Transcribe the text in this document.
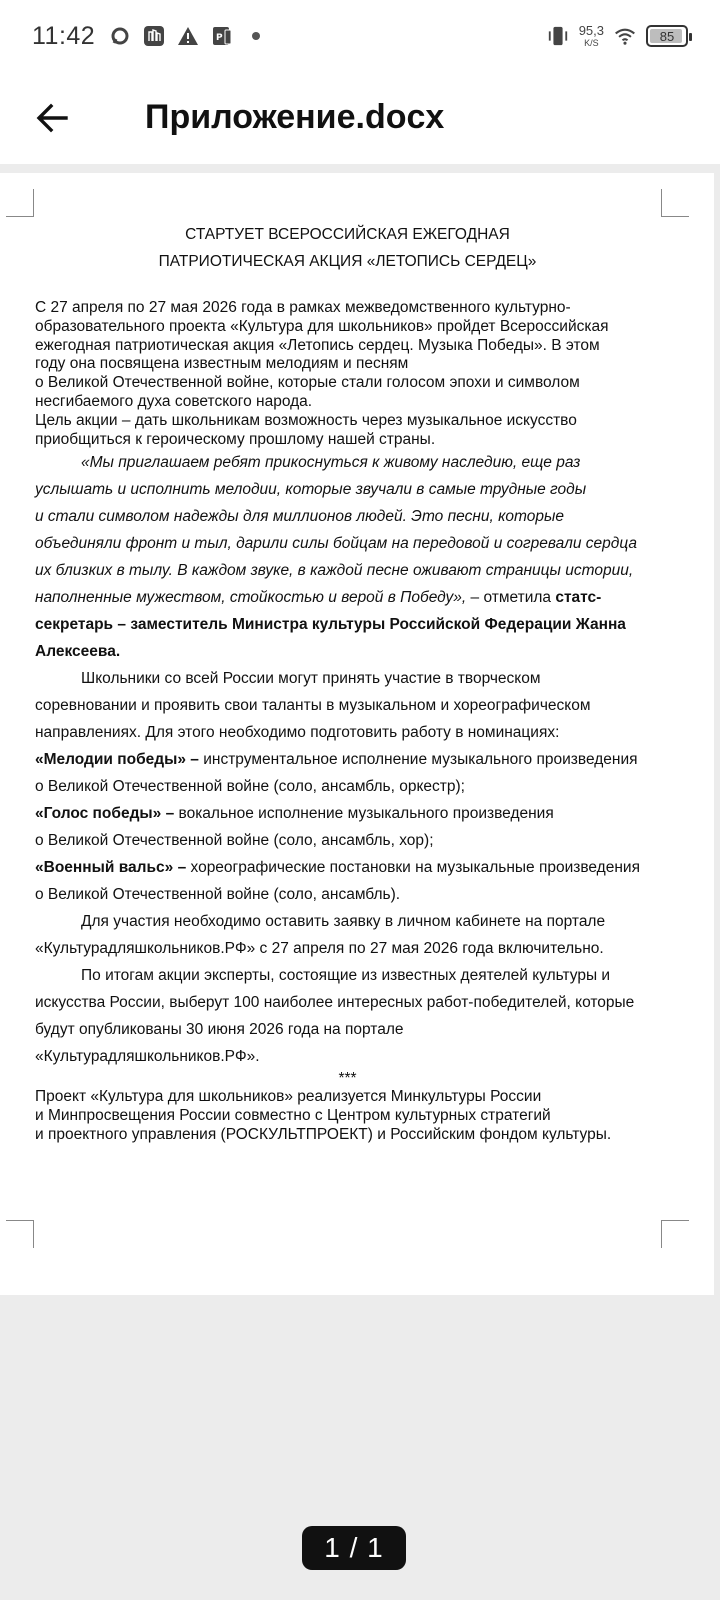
11:42	P	95,3
K/S	85
Приложение.docx
СТАРТУЕТ ВСЕРОССИЙСКАЯ ЕЖЕГОДНАЯ
ПАТРИОТИЧЕСКАЯ АКЦИЯ «ЛЕТОПИСЬ СЕРДЕЦ»
С 27 апреля по 27 мая 2026 года в рамках межведомственного культурно-
образовательного проекта «Культура для школьников» пройдет Всероссийская
ежегодная патриотическая акция «Летопись сердец. Музыка Победы». В этом
году она посвящена известным мелодиям и песням
о Великой Отечественной войне, которые стали голосом эпохи и символом
несгибаемого духа советского народа.
Цель акции – дать школьникам возможность через музыкальное искусство
приобщиться к героическому прошлому нашей страны.
«Мы приглашаем ребят прикоснуться к живому наследию, еще раз
услышать и исполнить мелодии, которые звучали в самые трудные годы
и стали символом надежды для миллионов людей. Это песни, которые
объединяли фронт и тыл, дарили силы бойцам на передовой и согревали сердца
их близких в тылу. В каждом звуке, в каждой песне оживают страницы истории,
наполненные мужеством, стойкостью и верой в Победу», – отметила статс-
секретарь – заместитель Министра культуры Российской Федерации Жанна
Алексеева.
Школьники со всей России могут принять участие в творческом
соревновании и проявить свои таланты в музыкальном и хореографическом
направлениях. Для этого необходимо подготовить работу в номинациях:
«Мелодии победы» – инструментальное исполнение музыкального произведения
о Великой Отечественной войне (соло, ансамбль, оркестр);
«Голос победы» – вокальное исполнение музыкального произведения
о Великой Отечественной войне (соло, ансамбль, хор);
«Военный вальс» – хореографические постановки на музыкальные произведения
о Великой Отечественной войне (соло, ансамбль).
Для участия необходимо оставить заявку в личном кабинете на портале
«Культурадляшкольников.РФ» с 27 апреля по 27 мая 2026 года включительно.
По итогам акции эксперты, состоящие из известных деятелей культуры и
искусства России, выберут 100 наиболее интересных работ-победителей, которые
будут опубликованы 30 июня 2026 года на портале
«Культурадляшкольников.РФ».
***
Проект «Культура для школьников» реализуется Минкультуры России
и Минпросвещения России совместно с Центром культурных стратегий
и проектного управления (РОСКУЛЬТПРОЕКТ) и Российским фондом культуры.
1 / 1
